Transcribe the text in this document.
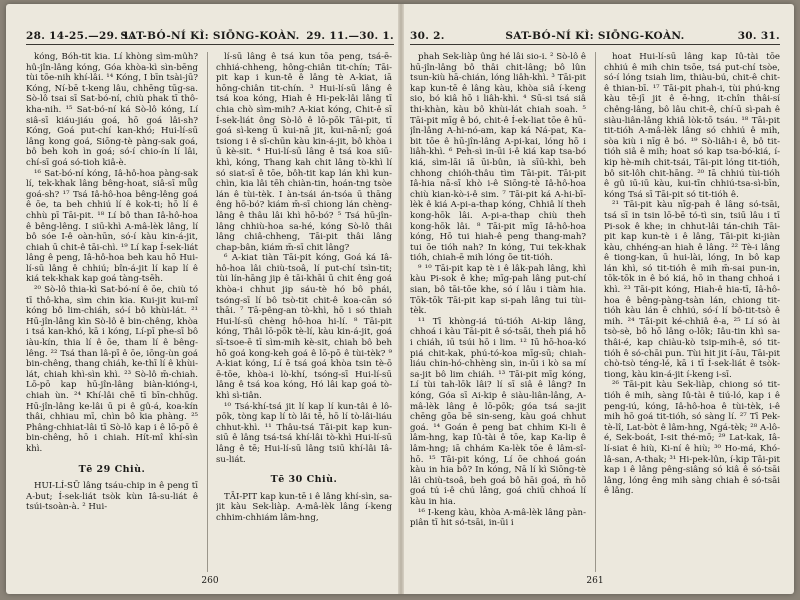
28. 14-25.—29. 1.
SAT-BÓ-NÍ KÌ: SIŌNG-KOÀN. 29. 11.—30. 1.

kóng, Bóh-tit kia. Lí khòng sìm-mûh? hû-jîn-lâng kóng, Góa khòa-kì sìn-bēng tùi tōe-nih khí-lâi. ¹⁴ Kóng, I bīn tsài-jū? Kóng, Ní-bē t-keng lâu, chhēng tūg-sa. Sò-lô tsai sī Sat-bó-ní, chiù phak tī thô-kha-nih. ¹⁵ Sat-bó-ní ká Sò-lô kóng, Lí siâ-sī kiáu-jiáu goá, hō goá lâi-sh? Kóng, Goá put-chí kan-khó; Hui-lí-sū lâng kong goá, Siōng-tè pàng-sak goá, bô beh koh ìn goá; só-í chio-ín lí lâi, chí-sī goá só-tioh kiâ-è.

¹⁶ Sat-bó-ní kóng, Iâ-hô-hoa pàng-sak lí, tek-khak lâng bêng-hoat, siâ-sī mǖg goá-sh? ¹⁷ Tsá Iâ-hô-hoa bêng-lêng goá ê ōe, ta beh chhiú lí ê kok-ti; hō lí ê chhù pī Tāi-pit. ¹⁸ Lí bô than Iâ-hô-hoa ê bêng-lêng. I siū-khì A-mâ-lèk lâng, lí bô sóe I-ê oàn-hūn, só-í kàu kin-á-jit, chiah ū chit-ê tāi-chì. ¹⁹ Lí kap Í-sek-liát lâng ê peng, Iâ-hô-hoa beh kau hō Hui-lí-sū lâng ê chhiú; bîn-á-jit lí kap lí ê kiá tek-khak kap goá tàng-tsēh.

²⁰ Sò-lô thia-kì Sat-bó-ní ê ōe, chiù tó tī thô-kha, sìm chin kia. Kui-jit kui-mî kóng bô lim-chiáh, só-í bô khùi-lát. ²¹ Hū-jîn-lâng kìn Sò-lô ê bin-chêng, khòa i tsá kan-khó, kā i kóng, Lí-pī phe-sī bô iàu-kín, thia lí ê ōe, tham lí ê bêng-lêng. ²² Tsá than lâ-pī ê ōe, iōng-ùn goá bin-chêng, thang chiáh, ke-thī lí ê khùi-lát, chiah khì-sìn khì. ²³ Sò-lô m̄-chiah. Lō-pō kap hū-jîn-lâng biàn-kióng-i, chiah ùn. ²⁴ Khí-lâi chē tī bīn-chhūg. Hū-jîn-lâng ke-lâi ū pi ê gû-á, koa-kín thâi, chhiau mī, chìn bô kia phàng. ²⁵ Phâng-chhiat-lâi tī Sò-lô kap i ê lō-pō ê bin-chêng, hō i chiah. Hít-mî khí-sìn khì.

Tē 29 Chiù.

HUI-LÍ-SŪ lâng tsáu-chip in ê peng tī A-but; Í-sek-liát tsòk kùn Iâ-su-liát ê tsúi-tsoàn-à. ² Hui-

lí-sū lâng ê tsá kun tōa peng, tsá-ē-chhiá-chheng, hông-chiân tit-chín; Tāi-pit kap i kun-tê ê lâng tè A-kiat, iā hōng-chiân tit-chín. ³ Hui-lí-sū lâng ê tsá koa kóng, Hiah ê Hi-pek-lâi lâng tī chia chò sìm-mih? A-kiat kóng, Chit-ê sī Í-sek-liát ông Sò-lô ê lō-pōk Tāi-pit, tī goá sì-keng ū kui-nā jit, kui-nā-nî; goá tsiong i ê sî-chūn kàu kin-á-jit, bô khòa i ū kè-sit. ⁴ Hui-lí-sū lâng ê tsá koa siū-khì, kóng, Thang kah chit lâng tò-khì lí só siat-sī ê tōe, bôh-tit kap lán khì kun-chìn, kia lâi tēh chiàn-tin, hoán-tng tsòe lán ê tùi-tèk. I àn-tsái án-tsóa ū thāng êng hō-bó? kiám m̄-sī chiong lán chèng-lâng ê thâu lâi khì hō-bó? ⁵ Tsá hū-jîn-lâng chhiù-hoa sa-hé, kóng Sò-lô thâi lâng chiâ-chheng, Tāi-pit thâi lâng chap-bân, kiám m̄-sī chit lâng?

⁶ A-kiat tiàn Tāi-pit kóng, Goá ká Iâ-hô-hoa lâi chiù-tsoâ, lí put-chí tsìn-tit; tùi lín-hāng jip ê tāi-khāi ū chit êng goá khòa-i chhut jip sáu-tè hó bô phái, tsóng-sī lí bô tsò-tit chit-ê koa-cān só thāi. ⁷ Tā-pêng-an tò-khì, hō i só thiah Hui-lí-sū chèng hô-hoa hi-lí. ⁸ Tāi-pit kóng, Thâi lō-pōk tè-lí, kàu kin-á-jit, goá sī-tsoe-ē tī sìm-mih kè-sit, chiah bô beh hō goá kong-keh goá ê lō-pō ê tùi-tèk? ⁹ A-kiat kóng, Lí ē tsá goá khòa tsin tè-ō ē-tōe, khòa-i lò-khí, tsóng-sī Hui-lí-sū lâng ê tsá koa kóng, Hó lâi kap goá tò-khì sì-tiân.

¹⁰ Tsá-khí-tsá jit lí kap lí kun-tâi ê lô-pōk, tòng kap lí tò lâi tē, hō lí tò-lâi-liáu chhut-khì. ¹¹ Thâu-tsá Tāi-pit kap kun-siū ê lâng tsá-tsá khí-lâi tò-khì Hui-lí-sū lâng ê tē; Hui-lí-sū lâng tsiū khí-lâi Iâ-su-liát.

Tē 30 Chiù.

TĀI-PIT kap kun-tē i ê lâng khí-sìn, sa-jit kàu Sek-liàp. A-mâ-lèk lâng í-keng chhim-chhiám lâm-hng,

260
30. 2.	SAT-BÓ-NÍ KÌ: SIŌNG-KOÀN.	30. 31.

phah Sek-liàp ûng hé lâi sio-i. ² Sò-lô ê hū-jîn-lâng bô thâi chit-lâng; bô lûn tsun-kiù hā-chián, lóng liâh-khì. ³ Tāi-pit kap kun-tē ê lâng kàu, khòa siâ í-keng sio, bó kiâ hō i liâh-khì. ⁴ Sū-si tsá siâ thi-khàn, kàu bô khùi-lát chiah soah. ⁵ Tāi-pit mīg ê bó, chit-ê Í-ek-liat tōe ê hū-jîn-lâng A-hi-nó-am, kap ká Ná-pat, Ka-bit tōe ê hū-jîn-lâng A-pi-kai, lóng hō i liâh-khì. ⁶ Peh-sì in-ūi i-ê kiá kap tsa-bó kiá, sìm-lāi iā ūi-bûn, ià sīū-khì, beh chhong chióh-thâu tìm Tāi-pit. Tāi-pit Iâ-hia nā-sī khò i-ê Siōng-tè Iâ-hô-hoa chiù kian-kò-i-ê sim. ⁷ Tāi-pit ká A-hi-bī-lèk ê kiá A-pi-a-thap kóng, Chhiâ lí theh kong-hōk lâi. A-pi-a-thap chiù theh kong-hōk lâi. ⁸ Tāi-pit mīg Iâ-hô-hoa kóng, Hō tui hiah-ê peng thang-mah? tui ōe tióh nah? In kóng, Tui tek-khak tióh, chiah-ē mih lóng ōe tit-tióh.

⁹ ¹⁰ Tāi-pit kap tè i ê lâk-pah lâng, khì kàu Pi-sok ê khe; mīg-pah lâng put-chí sian, bô tāi-tōe khe, só í lâu i tiàm hia. Tōk-tōk Tāi-pit kap si-pah lâng tui tùi-tèk.

¹¹ Tī khòng-iá tú-tióh Ai-kip lâng, chhoá i kàu Tāi-pit ê só-tsāi, theh piá hō i chiáh, iū tsúi hō i lim. ¹² Iū hō-hoa-kó piá chit-kak, phú-tó-koa mīg-sū; chiah-liáu chin-hó-chhèng sìn, in-ūi i kò sa mí sa-jit bô lim chiáh. ¹³ Tāi-pit mīg kóng, Lí tùi tah-lōk lâi? lí sī siâ ê lâng? In kóng, Góa sī Ai-kip ê siàu-liân-lâng, A-mâ-lèk lâng ê lō-pōk; góa tsá sa-jit chēng gōa bē sin-seng, kàu goá chhut goá. ¹⁴ Goán ê peng bat chhim Ki-li ê lâm-hng, kap Iû-tài ê tōe, kap Ka-lip ê lâm-hng; iā chhám Ka-lèk tōe ê lâm-sî-hō. ¹⁵ Tāi-pit kóng, Lí ōe chhoá goán kàu in hia bô? In kóng, Nā lí kì Siōng-tè lâi chiù-tsoâ, beh goá bô hāi goá, m̄ hō goá tú i-ê chú lâng, goá chiū chhoá lí kàu in hia.

¹⁶ I-keng kàu, khòa A-mâ-lèk lâng pàn-piân tī hit só-tsāi, in-ūi i

hoat Hui-lí-sū lâng kap Iû-tài tōe chhiú ê mih chin tsōe, tsá put-chí tsòe, só-í lóng tsiah lim, thiàu-bú, chit-ê chit-ê thian-bī. ¹⁷ Tāi-pit phah-i, tùi phú-kng kàu tē-jī jit ê ē-hng, it-chîn thâi-sí chêng-lâng, bô lâu chit-ê, chí-ū sì-pah ê siàu-liân-lâng khiâ lòk-tō tsáu. ¹⁸ Tāi-pit tit-tióh A-mâ-lèk lâng só chhiú ê mih, sòa kiù i nīg ê bó. ¹⁹ Sò-liâh-i ê, bô tit-tióh siâ ê mih; hoat só kap tsa-bó-kiá, í-kip hè-mih chit-tsái, Tāi-pit lóng tit-tióh, bô sit-lôh chit-hāng. ²⁰ Iā chhiú tùi-tióh ê gû iū-iū kàu, kui-tīn chhiú-tsa-sì-bīn, kóng Tsá sī Tāi-pit só tit-tióh ê.

²¹ Tāi-pit kàu nīg-pah ê lâng só-tsāi, tsá sī in tsin lō-bē tó-tì sin, tsiū lâu i tī Pi-sok ê khe; in chhut-lâi tán-chih Tāi-pit kap kun-tè i ê lâng, Tāi-pit ki-jiàn kàu, chhéng-an hiah ê lâng. ²² Tè-i lâng ê tiong-kan, ū hui-lài, lóng, In bô kap lán khì, só tit-tióh ê mih m̄-sai pun-in, tōk-tōk in ê bó kiá, hō in thang chhoá i khì. ²³ Tāi-pit kóng, Hiah-ê hia-tī, Iâ-hô-hoa ê bêng-pàng-tsàn lán, chiong tit-tióh kàu lán ê chhiú, só-í lí bô-tit-tsò ê mih. ²⁴ Tāi-pit ké-chhiâ ê-a, ²⁵ Lí só ài tsò-sè, bô hō lâng o-lōk; Iâu-tin khì sa-thâi-é, kap chiàu-kò tsip-mih-ê, só tit-tióh ê só-chāi pun. Tùi hit jit í-āu, Tāi-pit chò-tsò téng-lé, kā i tī Í-sek-liát ê tsòk-tiong, kàu kin-á-jit í-keng i-sī.

²⁶ Tāi-pit kàu Sek-liàp, chiong só tit-tióh ê mih, sàng Iû-tài ê tiú-ló, kap i ê peng-iú, kóng, Iâ-hô-hoa ê tùi-tèk, i-ê mih hō goá tit-tióh, só sàng lí. ²⁷ Tī Pek-tè-lî, Lat-bòt ê lâm-hng, Ngá-tèk; ²⁸ A-lô-é, Sek-boát, I-sit thé-mō; ²⁹ Lat-kak, Iâ-lí-siat ê hiù, Ki-ní ê hiù; ³⁰ Ho-má, Khó-lâ-san, A-thak; ³¹ Hi-pek-lûn, í-kip Tāi-pit kap i ê lâng pêng-siâng só kiâ ê só-tsāi lâng, lóng êng mih sàng chiah ê só-tsāi ê lâng.

261
